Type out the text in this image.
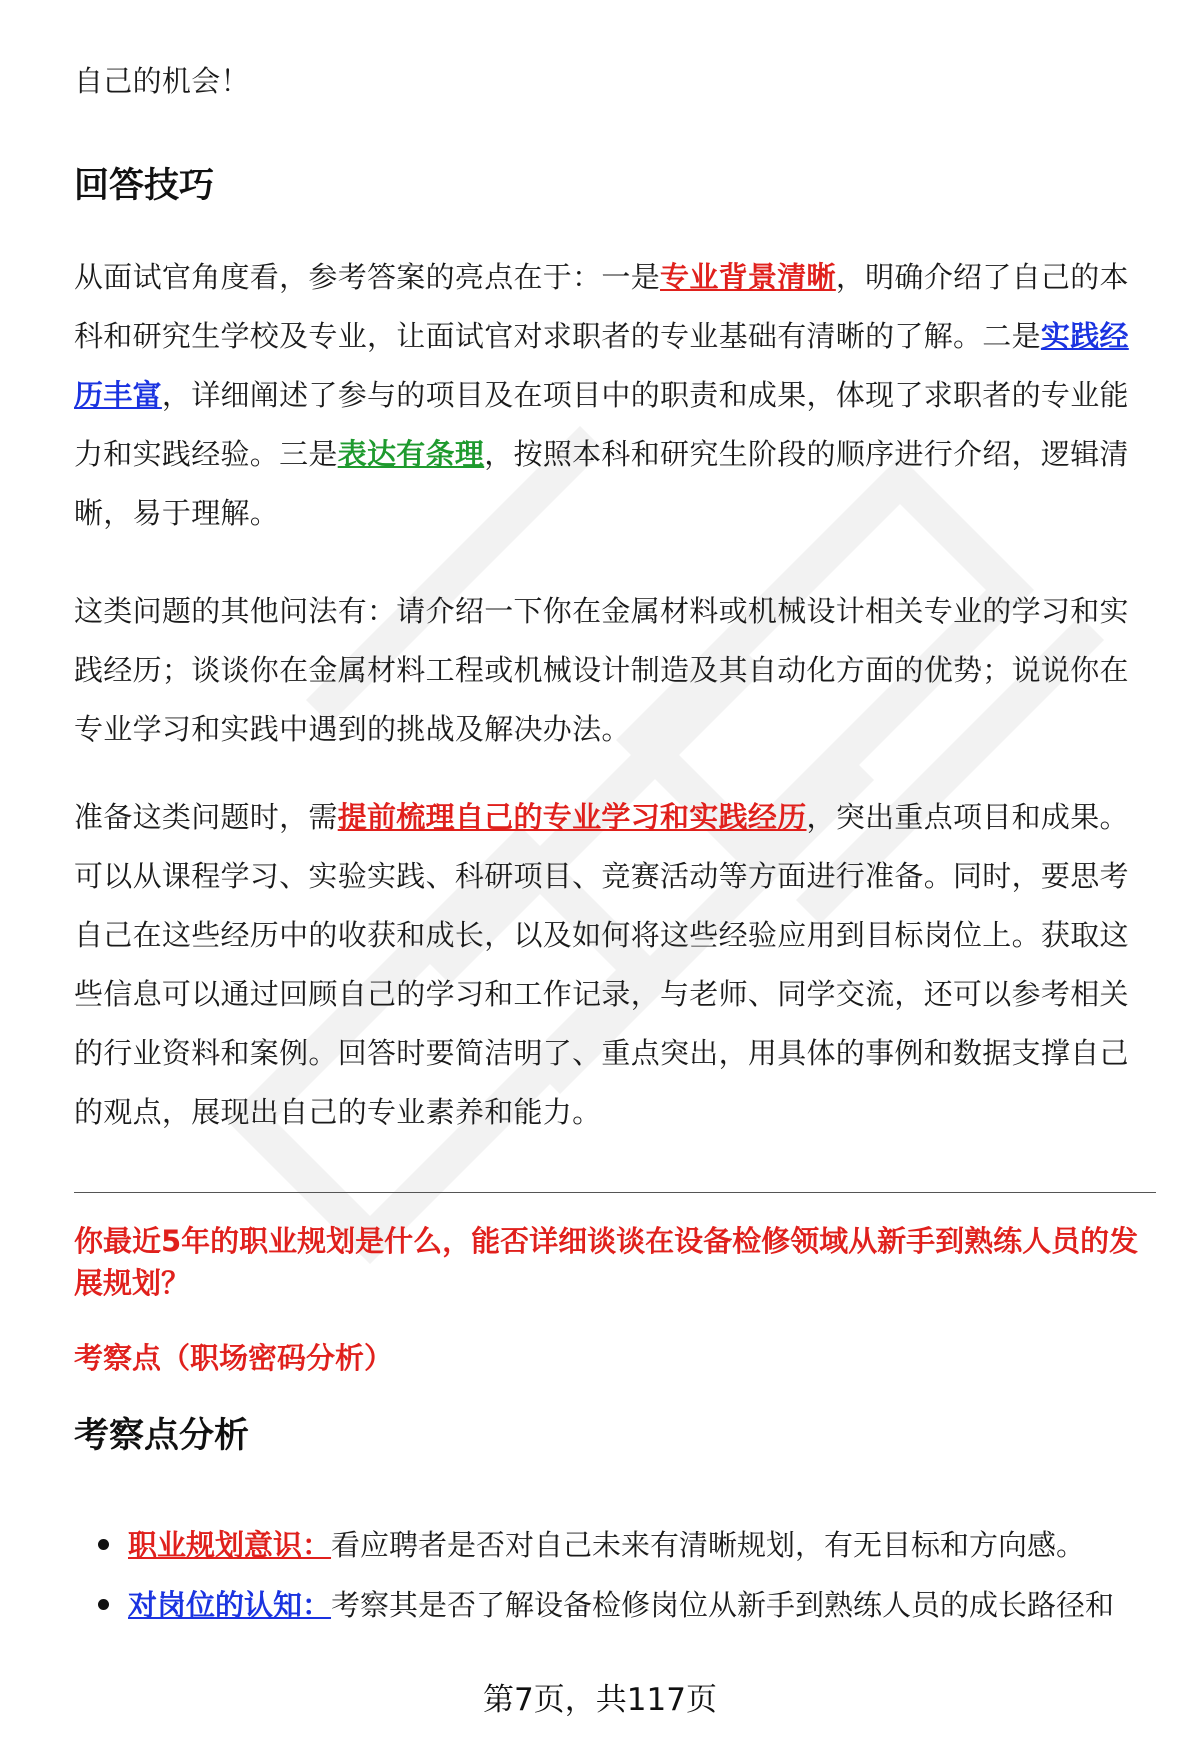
自己的机会！

回答技巧

从面试官角度看，参考答案的亮点在于：一是专业背景清晰，明确介绍了自己的本科和研究生学校及专业，让面试官对求职者的专业基础有清晰的了解。二是实践经历丰富，详细阐述了参与的项目及在项目中的职责和成果，体现了求职者的专业能力和实践经验。三是表达有条理，按照本科和研究生阶段的顺序进行介绍，逻辑清晰，易于理解。

这类问题的其他问法有：请介绍一下你在金属材料或机械设计相关专业的学习和实践经历；谈谈你在金属材料工程或机械设计制造及其自动化方面的优势；说说你在专业学习和实践中遇到的挑战及解决办法。

准备这类问题时，需提前梳理自己的专业学习和实践经历，突出重点项目和成果。可以从课程学习、实验实践、科研项目、竞赛活动等方面进行准备。同时，要思考自己在这些经历中的收获和成长，以及如何将这些经验应用到目标岗位上。获取这些信息可以通过回顾自己的学习和工作记录，与老师、同学交流，还可以参考相关的行业资料和案例。回答时要简洁明了、重点突出，用具体的事例和数据支撑自己的观点，展现出自己的专业素养和能力。

你最近5年的职业规划是什么，能否详细谈谈在设备检修领域从新手到熟练人员的发展规划？

考察点（职场密码分析）

考察点分析
职业规划意识：看应聘者是否对自己未来有清晰规划，有无目标和方向感。
对岗位的认知：考察其是否了解设备检修岗位从新手到熟练人员的成长路径和

第7页，共117页
